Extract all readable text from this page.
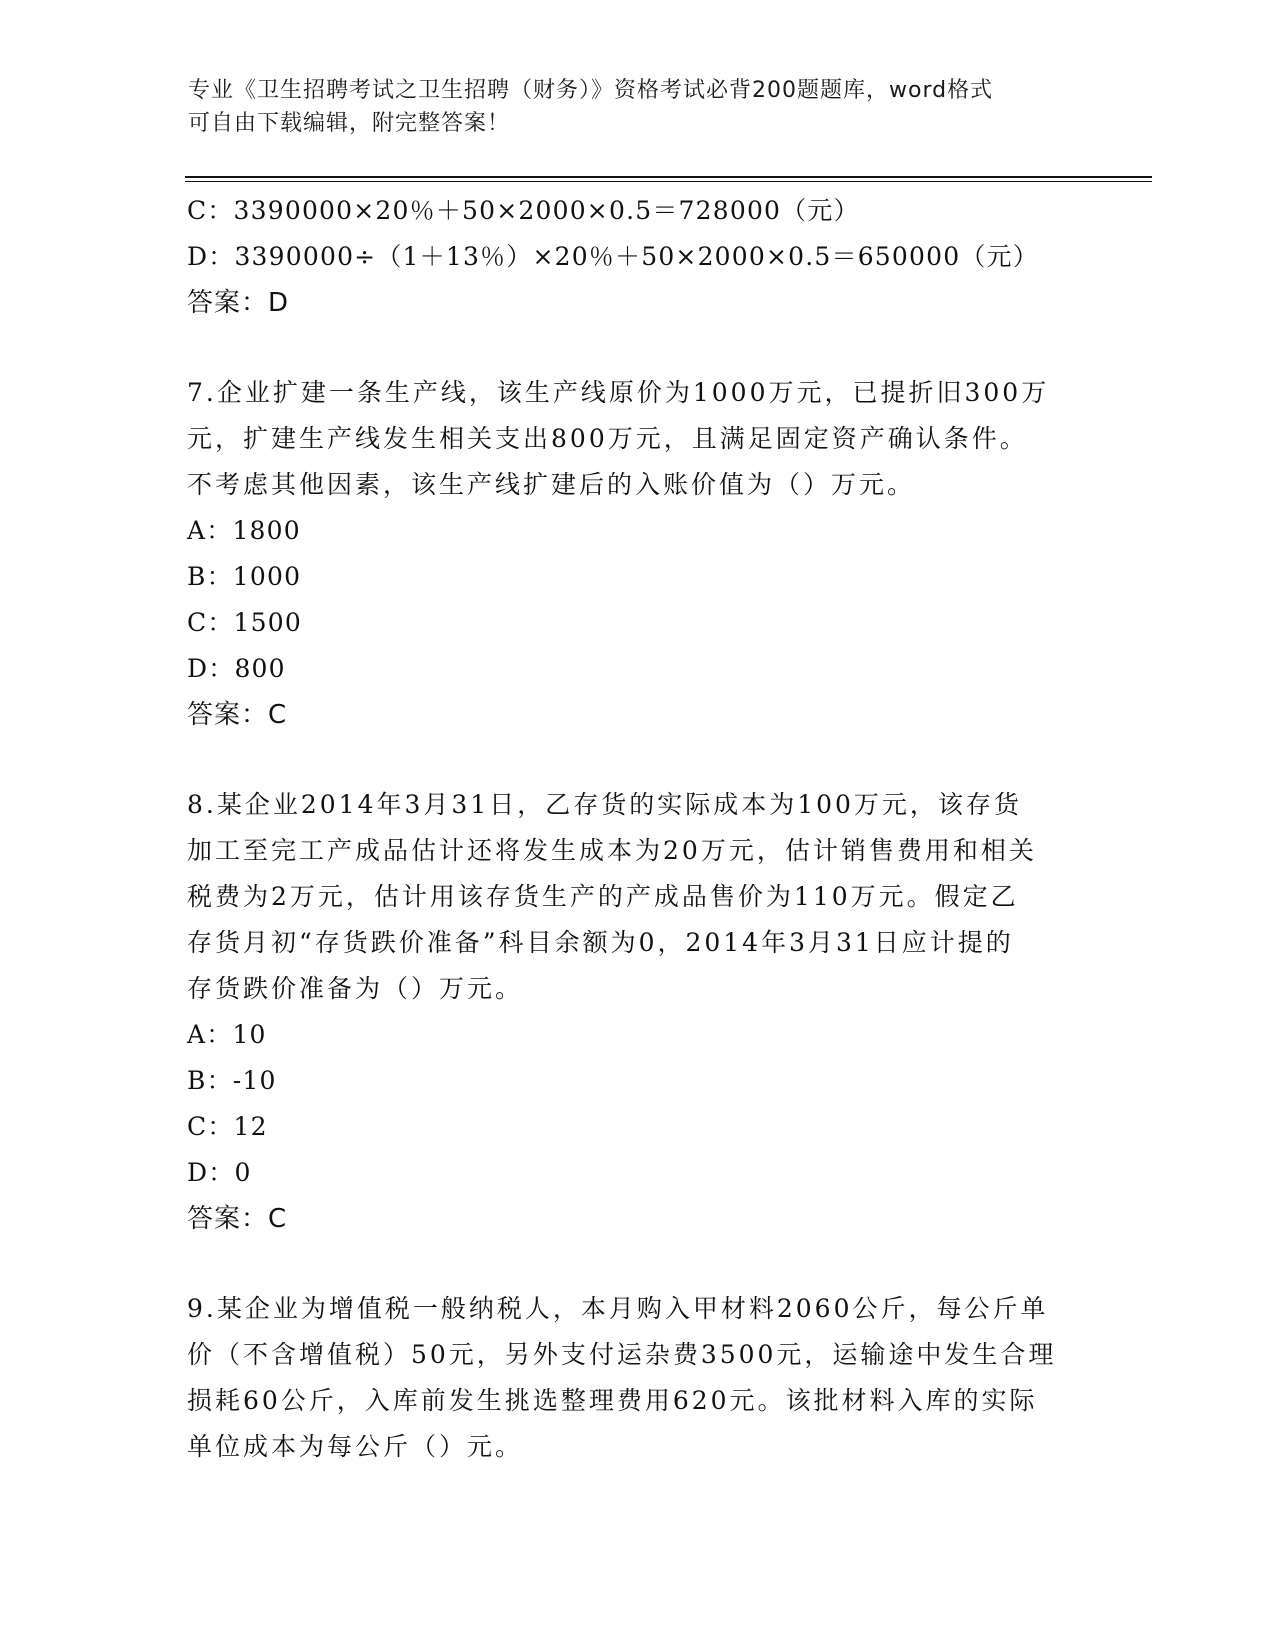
专业《卫生招聘考试之卫生招聘（财务）》资格考试必背200题题库，word格式
可自由下载编辑，附完整答案！
C：3390000×20％＋50×2000×0.5＝728000（元）
D：3390000÷（1＋13％）×20％＋50×2000×0.5＝650000（元）
答案：D
7.企业扩建一条生产线，该生产线原价为1000万元，已提折旧300万
元，扩建生产线发生相关支出800万元，且满足固定资产确认条件。
不考虑其他因素，该生产线扩建后的入账价值为（）万元。
A：1800
B：1000
C：1500
D：800
答案：C
8.某企业2014年3月31日，乙存货的实际成本为100万元，该存货
加工至完工产成品估计还将发生成本为20万元，估计销售费用和相关
税费为2万元，估计用该存货生产的产成品售价为110万元。假定乙
存货月初“存货跌价准备”科目余额为0，2014年3月31日应计提的
存货跌价准备为（）万元。
A：10
B：-10
C：12
D：0
答案：C
9.某企业为增值税一般纳税人，本月购入甲材料2060公斤，每公斤单
价（不含增值税）50元，另外支付运杂费3500元，运输途中发生合理
损耗60公斤，入库前发生挑选整理费用620元。该批材料入库的实际
单位成本为每公斤（）元。
